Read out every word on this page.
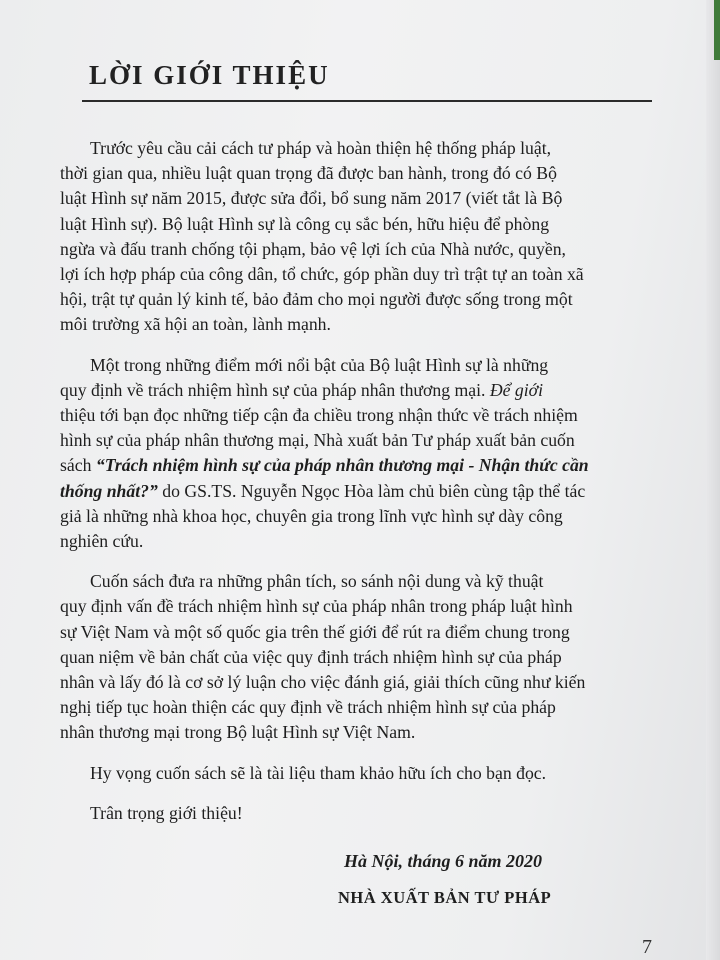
LỜI GIỚI THIỆU

Trước yêu cầu cải cách tư pháp và hoàn thiện hệ thống pháp luật,
thời gian qua, nhiều luật quan trọng đã được ban hành, trong đó có Bộ
luật Hình sự năm 2015, được sửa đổi, bổ sung năm 2017 (viết tắt là Bộ
luật Hình sự). Bộ luật Hình sự là công cụ sắc bén, hữu hiệu để phòng
ngừa và đấu tranh chống tội phạm, bảo vệ lợi ích của Nhà nước, quyền,
lợi ích hợp pháp của công dân, tổ chức, góp phần duy trì trật tự an toàn xã
hội, trật tự quản lý kinh tế, bảo đảm cho mọi người được sống trong một
môi trường xã hội an toàn, lành mạnh.

Một trong những điểm mới nổi bật của Bộ luật Hình sự là những
quy định về trách nhiệm hình sự của pháp nhân thương mại. Để giới
thiệu tới bạn đọc những tiếp cận đa chiều trong nhận thức về trách nhiệm
hình sự của pháp nhân thương mại, Nhà xuất bản Tư pháp xuất bản cuốn
sách “Trách nhiệm hình sự của pháp nhân thương mại - Nhận thức cần
thống nhất?” do GS.TS. Nguyễn Ngọc Hòa làm chủ biên cùng tập thể tác
giả là những nhà khoa học, chuyên gia trong lĩnh vực hình sự dày công
nghiên cứu.

Cuốn sách đưa ra những phân tích, so sánh nội dung và kỹ thuật
quy định vấn đề trách nhiệm hình sự của pháp nhân trong pháp luật hình
sự Việt Nam và một số quốc gia trên thế giới để rút ra điểm chung trong
quan niệm về bản chất của việc quy định trách nhiệm hình sự của pháp
nhân và lấy đó là cơ sở lý luận cho việc đánh giá, giải thích cũng như kiến
nghị tiếp tục hoàn thiện các quy định về trách nhiệm hình sự của pháp
nhân thương mại trong Bộ luật Hình sự Việt Nam.

Hy vọng cuốn sách sẽ là tài liệu tham khảo hữu ích cho bạn đọc.

Trân trọng giới thiệu!

Hà Nội, tháng 6 năm 2020
NHÀ XUẤT BẢN TƯ PHÁP
7
